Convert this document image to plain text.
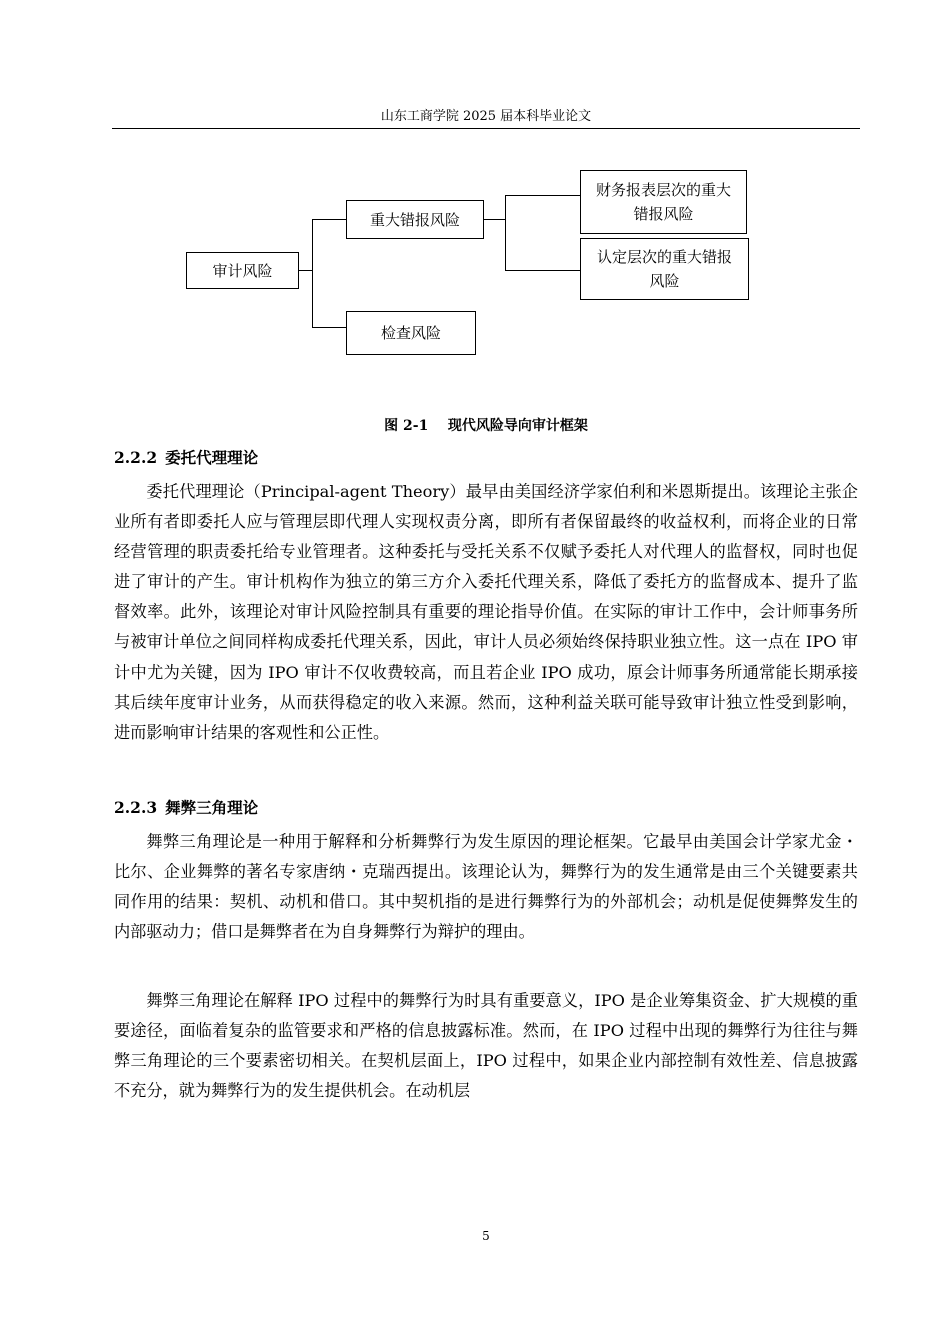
山东工商学院 2025 届本科毕业论文
审计风险
重大错报风险
检查风险
财务报表层次的重大错报风险
认定层次的重大错报风险
图 2-1    现代风险导向审计框架
2.2.2 委托代理理论

委托代理理论（Principal-agent Theory）最早由美国经济学家伯利和米恩斯提出。该理论主张企业所有者即委托人应与管理层即代理人实现权责分离，即所有者保留最终的收益权利，而将企业的日常经营管理的职责委托给专业管理者。这种委托与受托关系不仅赋予委托人对代理人的监督权，同时也促进了审计的产生。审计机构作为独立的第三方介入委托代理关系，降低了委托方的监督成本、提升了监督效率。此外，该理论对审计风险控制具有重要的理论指导价值。在实际的审计工作中，会计师事务所与被审计单位之间同样构成委托代理关系，因此，审计人员必须始终保持职业独立性。这一点在 IPO 审计中尤为关键，因为 IPO 审计不仅收费较高，而且若企业 IPO 成功，原会计师事务所通常能长期承接其后续年度审计业务，从而获得稳定的收入来源。然而，这种利益关联可能导致审计独立性受到影响，进而影响审计结果的客观性和公正性。

2.2.3 舞弊三角理论

舞弊三角理论是一种用于解释和分析舞弊行为发生原因的理论框架。它最早由美国会计学家尤金・比尔、企业舞弊的著名专家唐纳・克瑞西提出。该理论认为，舞弊行为的发生通常是由三个关键要素共同作用的结果：契机、动机和借口。其中契机指的是进行舞弊行为的外部机会；动机是促使舞弊发生的内部驱动力；借口是舞弊者在为自身舞弊行为辩护的理由。

舞弊三角理论在解释 IPO 过程中的舞弊行为时具有重要意义，IPO 是企业筹集资金、扩大规模的重要途径，面临着复杂的监管要求和严格的信息披露标准。然而，在 IPO 过程中出现的舞弊行为往往与舞弊三角理论的三个要素密切相关。在契机层面上，IPO 过程中，如果企业内部控制有效性差、信息披露不充分，就为舞弊行为的发生提供机会。在动机层

5
